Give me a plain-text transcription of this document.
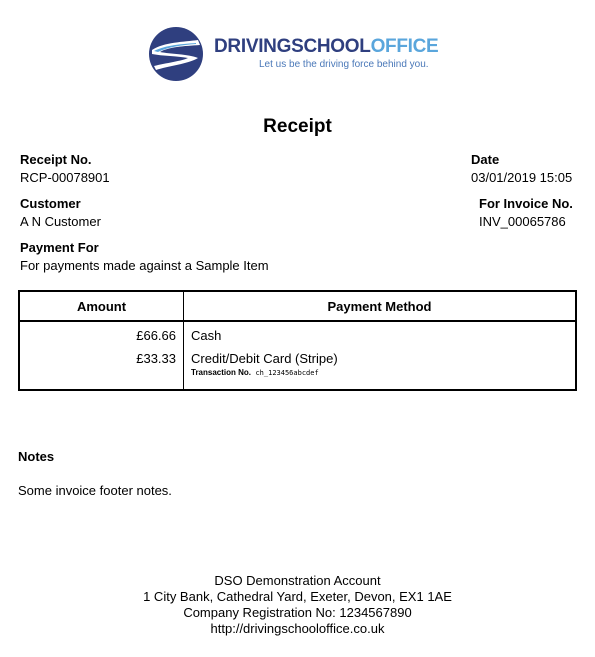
DRIVINGSCHOOLOFFICE
Let us be the driving force behind you.
Receipt
Receipt No.
RCP-00078901
Date
03/01/2019 15:05
Customer
A N Customer
For Invoice No.
INV_00065786
Payment For
For payments made against a Sample Item
Amount	Payment Method
£66.66	Cash
£33.33	Credit/Debit Card (Stripe)
Transaction No. ch_123456abcdef
Notes
Some invoice footer notes.
DSO Demonstration Account
1 City Bank, Cathedral Yard, Exeter, Devon, EX1 1AE
Company Registration No: 1234567890
http://drivingschooloffice.co.uk
